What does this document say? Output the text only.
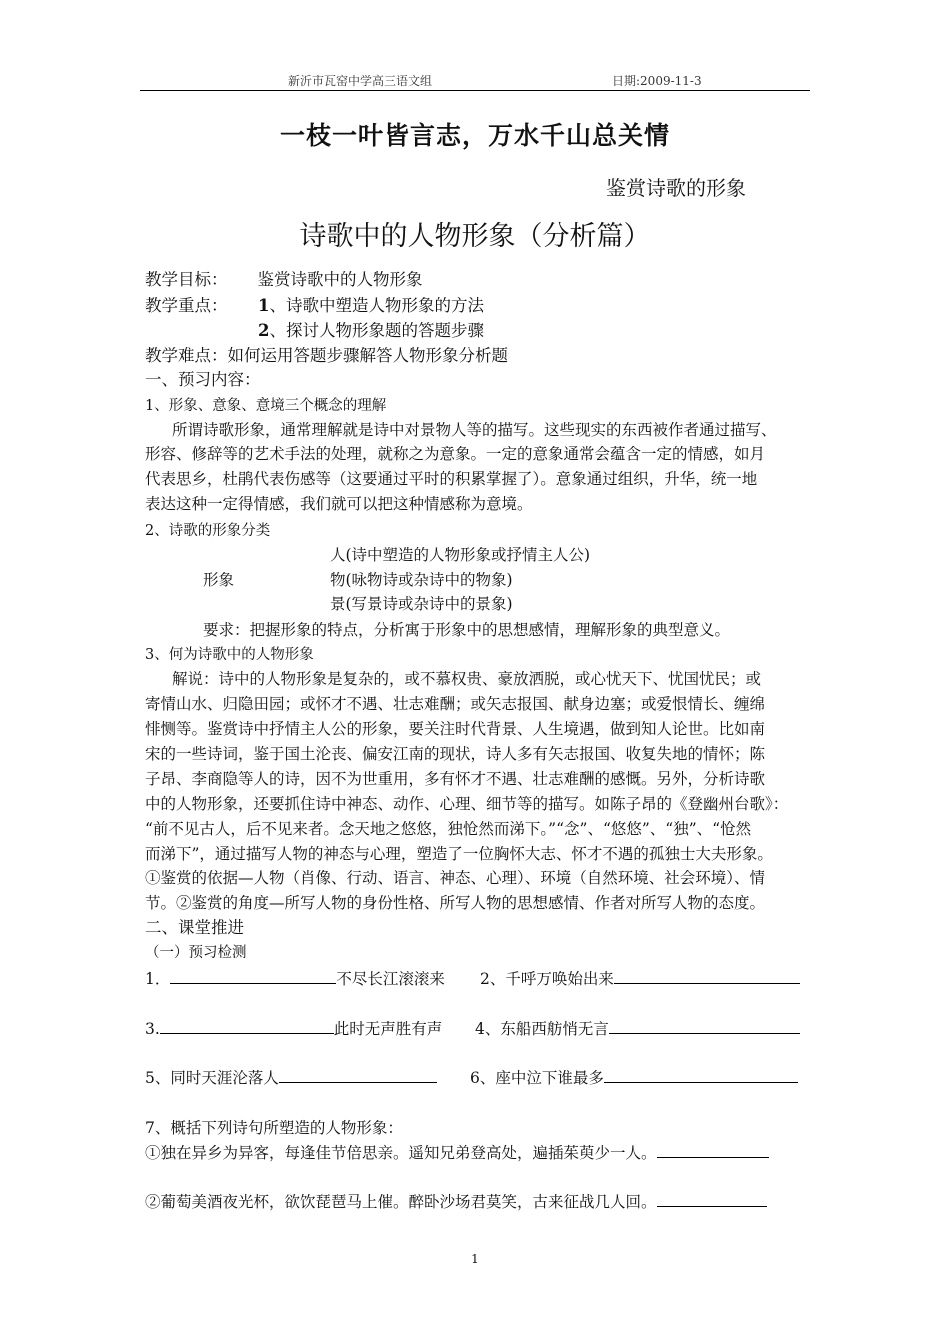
新沂市瓦窑中学高三语文组	日期:2009-11-3
一枝一叶皆言志，万水千山总关情
鉴赏诗歌的形象
诗歌中的人物形象（分析篇）
教学目标： 鉴赏诗歌中的人物形象
教学重点： 1、诗歌中塑造人物形象的方法
2、探讨人物形象题的答题步骤
教学难点：如何运用答题步骤解答人物形象分析题
一、预习内容：
1、形象、意象、意境三个概念的理解
所谓诗歌形象，通常理解就是诗中对景物人等的描写。这些现实的东西被作者通过描写、
形容、修辞等的艺术手法的处理，就称之为意象。一定的意象通常会蕴含一定的情感，如月
代表思乡，杜鹃代表伤感等（这要通过平时的积累掌握了）。意象通过组织，升华，统一地
表达这种一定得情感，我们就可以把这种情感称为意境。
2、诗歌的形象分类
人(诗中塑造的人物形象或抒情主人公)
形象	物(咏物诗或杂诗中的物象)
景(写景诗或杂诗中的景象)
要求：把握形象的特点，分析寓于形象中的思想感情，理解形象的典型意义。
3、何为诗歌中的人物形象
解说：诗中的人物形象是复杂的，或不慕权贵、豪放洒脱，或心忧天下、忧国忧民；或
寄情山水、归隐田园；或怀才不遇、壮志难酬；或矢志报国、献身边塞；或爱恨情长、缠绵
悱恻等。鉴赏诗中抒情主人公的形象，要关注时代背景、人生境遇，做到知人论世。比如南
宋的一些诗词，鉴于国土沦丧、偏安江南的现状，诗人多有矢志报国、收复失地的情怀；陈
子昂、李商隐等人的诗，因不为世重用，多有怀才不遇、壮志难酬的感慨。另外，分析诗歌
中的人物形象，还要抓住诗中神态、动作、心理、细节等的描写。如陈子昂的《登幽州台歌》：
“前不见古人，后不见来者。念天地之悠悠，独怆然而涕下。”“念”、“悠悠”、“独”、“怆然
而涕下”，通过描写人物的神态与心理，塑造了一位胸怀大志、怀才不遇的孤独士大夫形象。
①鉴赏的依据—人物（肖像、行动、语言、神态、心理）、环境（自然环境、社会环境）、情
节。②鉴赏的角度—所写人物的身份性格、所写人物的思想感情、作者对所写人物的态度。
二、课堂推进
（一）预习检测
1．	不尽长江滚滚来 2、千呼万唤始出来
3.	此时无声胜有声 4、东船西舫悄无言
5、同时天涯沦落人	6、座中泣下谁最多
7、概括下列诗句所塑造的人物形象：
①独在异乡为异客，每逢佳节倍思亲。遥知兄弟登高处，遍插茱萸少一人。
②葡萄美酒夜光杯，欲饮琵琶马上催。醉卧沙场君莫笑，古来征战几人回。
1
